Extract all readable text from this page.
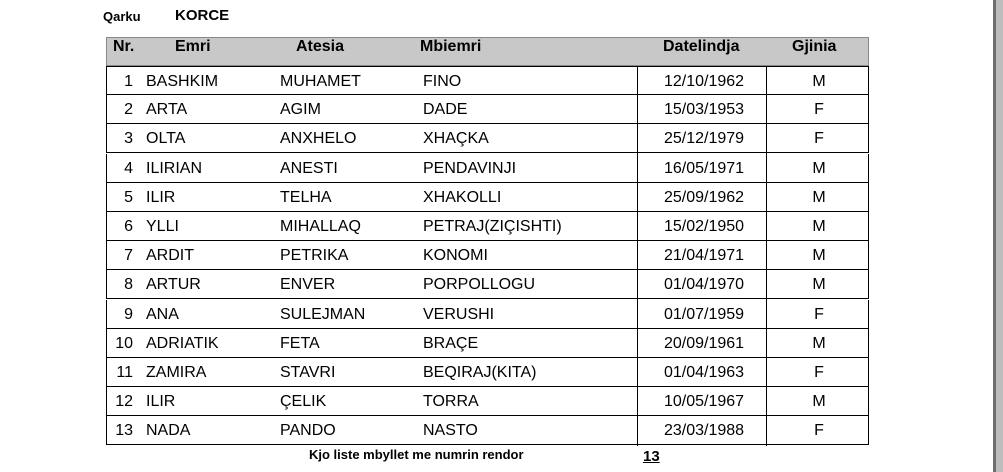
Qarku KORCE
Nr.	Emri	Atesia	Mbiemri	Datelindja	Gjinia
1 BASHKIM	MUHAMET	FINO	12/10/1962	M
2 ARTA	AGIM	DADE	15/03/1953	F
3 OLTA	ANXHELO	XHAÇKA	25/12/1979	F
4 ILIRIAN	ANESTI	PENDAVINJI	16/05/1971	M
5 ILIR	TELHA	XHAKOLLI	25/09/1962	M
6 YLLI	MIHALLAQ	PETRAJ(ZIÇISHTI)	15/02/1950	M
7 ARDIT	PETRIKA	KONOMI	21/04/1971	M
8 ARTUR	ENVER	PORPOLLOGU	01/04/1970	M
9 ANA	SULEJMAN	VERUSHI	01/07/1959	F
10 ADRIATIK	FETA	BRAÇE	20/09/1961	M
11 ZAMIRA	STAVRI	BEQIRAJ(KITA)	01/04/1963	F
12 ILIR	ÇELIK	TORRA	10/05/1967	M
13 NADA	PANDO	NASTO	23/03/1988	F
Kjo liste mbyllet me numrin rendor	13
